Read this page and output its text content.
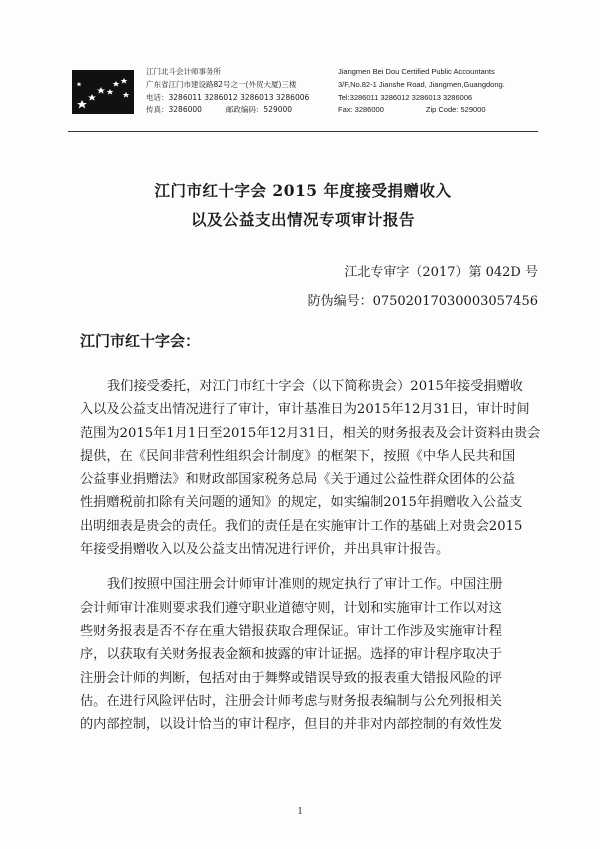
江门北斗会计师事务所
广东省江门市建设路82号之一(外贸大厦)三楼
电话：3286011 3286012 3286013 3286006
传真：3286000	邮政编码：529000
Jiangmen Bei Dou Certified Public Accountants
3/F,No.82-1 Jianshe Road, Jiangmen,Guangdong.
Tel:3286011 3286012 3286013 3286006
Fax: 3286000	Zip Code: 529000
江门市红十字会 2015 年度接受捐赠收入
以及公益支出情况专项审计报告
江北专审字（2017）第 042D 号
防伪编号：07502017030003057456
江门市红十字会：
我们接受委托，对江门市红十字会（以下简称贵会）2015年接受捐赠收
入以及公益支出情况进行了审计，审计基准日为2015年12月31日，审计时间
范围为2015年1月1日至2015年12月31日，相关的财务报表及会计资料由贵会
提供，在《民间非营利性组织会计制度》的框架下，按照《中华人民共和国
公益事业捐赠法》和财政部国家税务总局《关于通过公益性群众团体的公益
性捐赠税前扣除有关问题的通知》的规定，如实编制2015年捐赠收入公益支
出明细表是贵会的责任。我们的责任是在实施审计工作的基础上对贵会2015
年接受捐赠收入以及公益支出情况进行评价，并出具审计报告。
我们按照中国注册会计师审计准则的规定执行了审计工作。中国注册
会计师审计准则要求我们遵守职业道德守则，计划和实施审计工作以对这
些财务报表是否不存在重大错报获取合理保证。审计工作涉及实施审计程
序，以获取有关财务报表金额和披露的审计证据。选择的审计程序取决于
注册会计师的判断，包括对由于舞弊或错误导致的报表重大错报风险的评
估。在进行风险评估时，注册会计师考虑与财务报表编制与公允列报相关
的内部控制，以设计恰当的审计程序，但目的并非对内部控制的有效性发
1
